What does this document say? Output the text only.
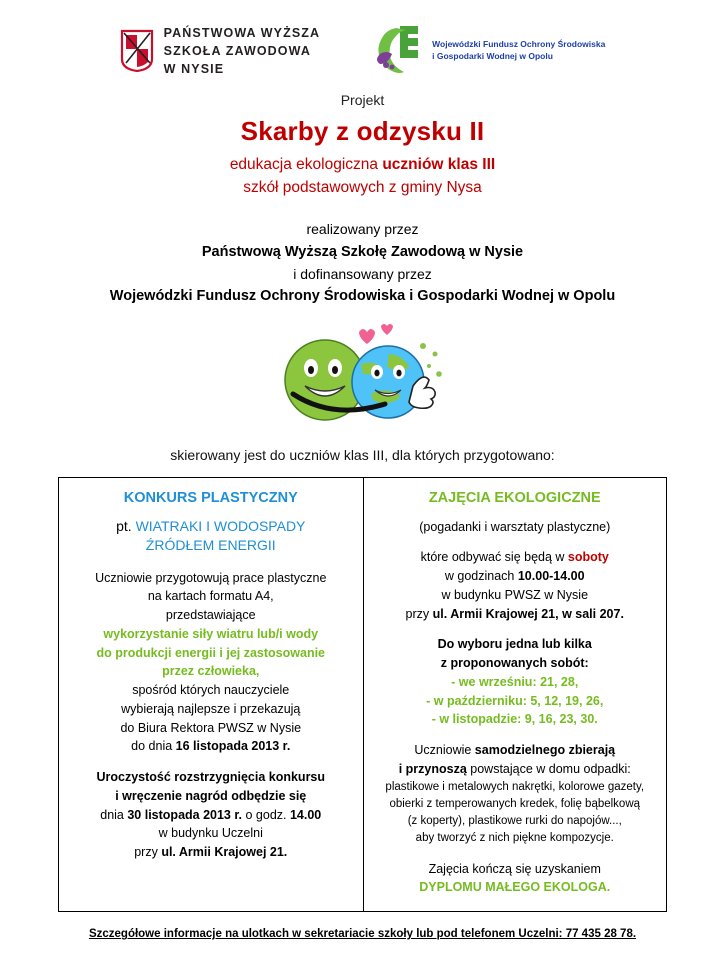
PAŃSTWOWA WYŻSZA
SZKOŁA ZAWODOWA
W NYSIE
Wojewódzki Fundusz Ochrony Środowiska
i Gospodarki Wodnej w Opolu
Projekt
Skarby z odzysku II
edukacja ekologiczna uczniów klas III
szkół podstawowych z gminy Nysa
realizowany przez
Państwową Wyższą Szkołę Zawodową w Nysie
i dofinansowany przez
Wojewódzki Fundusz Ochrony Środowiska i Gospodarki Wodnej w Opolu
skierowany jest do uczniów klas III, dla których przygotowano:
KONKURS PLASTYCZNY
pt. WIATRAKI I WODOSPADY
ŹRÓDŁEM ENERGII
Uczniowie przygotowują prace plastyczne
na kartach formatu A4,
przedstawiające
wykorzystanie siły wiatru lub/i wody
do produkcji energii i jej zastosowanie
przez człowieka,
spośród których nauczyciele
wybierają najlepsze i przekazują
do Biura Rektora PWSZ w Nysie
do dnia 16 listopada 2013 r.
Uroczystość rozstrzygnięcia konkursu
i wręczenie nagród odbędzie się
dnia 30 listopada 2013 r. o godz. 14.00
w budynku Uczelni
przy ul. Armii Krajowej 21.
ZAJĘCIA EKOLOGICZNE
(pogadanki i warsztaty plastyczne)
które odbywać się będą w soboty
w godzinach 10.00-14.00
w budynku PWSZ w Nysie
przy ul. Armii Krajowej 21, w sali 207.
Do wyboru jedna lub kilka
z proponowanych sobót:
- we wrześniu: 21, 28,
- w październiku: 5, 12, 19, 26,
- w listopadzie: 9, 16, 23, 30.
Uczniowie samodzielnego zbierają
i przynoszą powstające w domu odpadki:
plastikowe i metalowych nakrętki, kolorowe gazety,
obierki z temperowanych kredek, folię bąbelkową
(z koperty), plastikowe rurki do napojów...,
aby tworzyć z nich piękne kompozycje.
Zajęcia kończą się uzyskaniem
DYPLOMU MAŁEGO EKOLOGA.
Szczegółowe informacje na ulotkach w sekretariacie szkoły lub pod telefonem Uczelni: 77 435 28 78.
